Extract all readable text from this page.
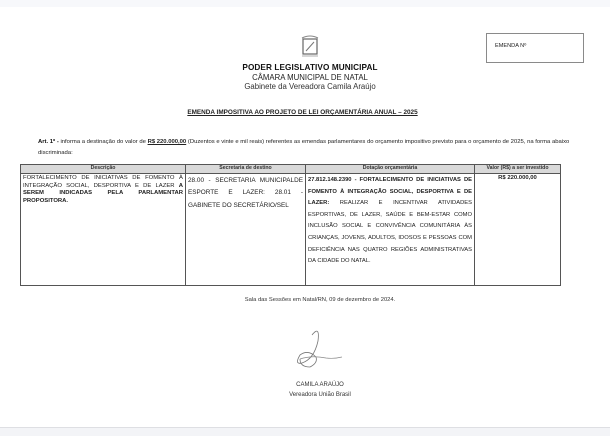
EMENDA Nº
PODER LEGISLATIVO MUNICIPAL
CÂMARA MUNICIPAL DE NATAL
Gabinete da Vereadora Camila Araújo
EMENDA IMPOSITIVA AO PROJETO DE LEI ORÇAMENTÁRIA ANUAL – 2025
Art. 1º - informa a destinação do valor de R$ 220.000,00 (Duzentos e vinte e mil reais) referentes as emendas parlamentares do orçamento impositivo previsto para o orçamento de 2025, na forma abaixo discriminada:
Descrição	Secretaria de destino	Dotação orçamentária	Valor (R$) a ser investido
FORTALECIMENTO DE INICIATIVAS DE FOMENTO À INTEGRAÇÃO SOCIAL, DESPORTIVA E DE LAZER A SEREM INDICADAS PELA PARLAMENTAR PROPOSITORA.	28.00 - SECRETARIA MUNICIPALDE ESPORTE E LAZER: 28.01 - GABINETE DO SECRETÁRIO/SEL	27.812.148.2390 - FORTALECIMENTO DE INICIATIVAS DE FOMENTO À INTEGRAÇÃO SOCIAL, DESPORTIVA E DE LAZER: REALIZAR E INCENTIVAR ATIVIDADES ESPORTIVAS, DE LAZER, SAÚDE E BEM-ESTAR COMO INCLUSÃO SOCIAL E CONVIVÊNCIA COMUNITÁRIA ÀS CRIANÇAS, JOVENS, ADULTOS, IDOSOS E PESSOAS COM DEFICIÊNCIA NAS QUATRO REGIÕES ADMINISTRATIVAS DA CIDADE DO NATAL.	R$ 220.000,00
Sala das Sessões em Natal/RN, 09 de dezembro de 2024.
CAMILA ARAÚJO
Vereadora União Brasil
